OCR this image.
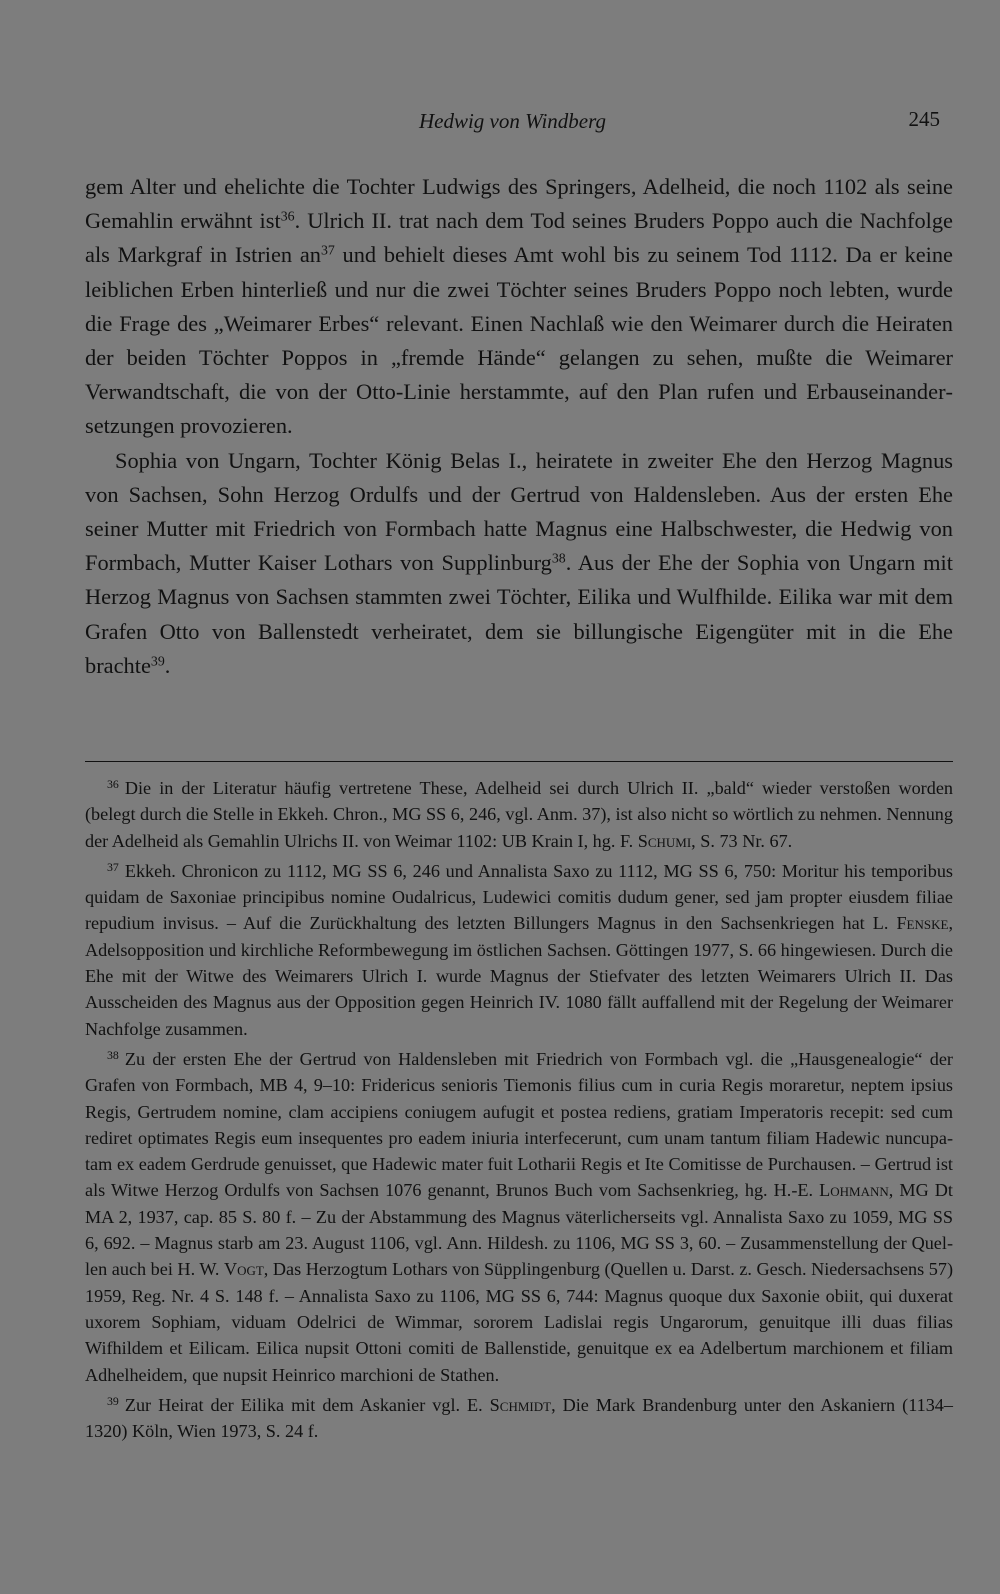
Hedwig von Windberg	245

gem Alter und ehelichte die Tochter Ludwigs des Springers, Adelheid, die noch 1102 als seine Gemahlin erwähnt ist$^{36}$. Ulrich II. trat nach dem Tod seines Bruders Poppo auch die Nachfolge als Markgraf in Istrien $an^{37}$ und behielt dieses Amt wohl bis zu seinem Tod 1112. Da er keine leiblichen Erben hinterließ und nur die zwei Töchter seines Bruders Poppo noch lebten, wurde die Frage des „Weimarer Erbes“ relevant. Einen Nachlaß wie den Weimarer durch die Heiraten der beiden Töchter Poppos in „fremde Hände“ gelangen zu sehen, mußte die Weimarer Verwandtschaft, die von der Otto-Linie herstammte, auf den Plan rufen und Erbauseinandersetzungen provozieren.

Sophia von Ungarn, Tochter König Belas I., heiratete in zweiter Ehe den Herzog Magnus von Sachsen, Sohn Herzog Ordulfs und der Gertrud von Haldensleben. Aus der ersten Ehe seiner Mutter mit Friedrich von Formbach hatte Magnus eine Halbschwester, die Hedwig von Formbach, Mutter Kaiser Lothars von Supplinburg$^{38}$. Aus der Ehe der Sophia von Ungarn mit Herzog Magnus von Sachsen stammten zwei Töchter, Eilika und Wulfhilde. Eilika war mit dem Grafen Otto von Ballenstedt verheiratet, dem sie billungische Eigengüter mit in die Ehe brachte$^{39}$.

$^{36}$ Die in der Literatur häufig vertretene These, Adelheid sei durch Ulrich II. „bald“ wieder verstoßen worden (belegt durch die Stelle in Ekkeh. Chron., MG SS 6, 246, vgl. Anm. 37), ist also nicht so wörtlich zu nehmen. Nennung der Adelheid als Gemahlin Ulrichs II. von Weimar 1102: UB Krain I, hg. F. Schumi, S. 73 Nr. 67.

$^{37}$ Ekkeh. Chronicon zu 1112, MG SS 6, 246 und Annalista Saxo zu 1112, MG SS 6, 750: Moritur his temporibus quidam de Saxoniae principibus nomine Oudalricus, Ludewici comitis dudum gener, sed jam propter eiusdem filiae repudium invisus. – Auf die Zurückhaltung des letzten Billungers Magnus in den Sachsenkriegen hat L. Fenske, Adelsopposition und kirchliche Reformbewegung im östlichen Sachsen. Göttingen 1977, S. 66 hingewiesen. Durch die Ehe mit der Witwe des Weimarers Ulrich I. wurde Magnus der Stiefvater des letzten Weimarers Ulrich II. Das Ausscheiden des Magnus aus der Opposition gegen Heinrich IV. 1080 fällt auffallend mit der Regelung der Weimarer Nachfolge zusammen.

$^{38}$ Zu der ersten Ehe der Gertrud von Haldensleben mit Friedrich von Formbach vgl. die „Hausgenealogie“ der Grafen von Formbach, MB 4, 9–10: Fridericus senioris Tiemonis filius cum in curia Regis moraretur, neptem ipsius Regis, Gertrudem nomine, clam accipiens coniugem aufugit et postea rediens, gratiam Imperatoris recepit: sed cum rediret optimates Regis eum insequentes pro eadem iniuria interfecerunt, cum unam tantum filiam Hadewic nuncupatam ex eadem Gerdrude genuisset, que Hadewic mater fuit Lotharii Regis et Ite Comitisse de Purchausen. – Gertrud ist als Witwe Herzog Ordulfs von Sachsen 1076 genannt, Brunos Buch vom Sachsenkrieg, hg. H.-E. Lohmann, MG Dt MA 2, 1937, cap. 85 S. 80 f. – Zu der Abstammung des Magnus väterlicherseits vgl. Annalista Saxo zu 1059, MG SS 6, 692. – Magnus starb am 23. August 1106, vgl. Ann. Hildesh. zu 1106, MG SS 3, 60. – Zusammenstellung der Quellen auch bei H. W. Vogt, Das Herzogtum Lothars von Süpplingenburg (Quellen u. Darst. z. Gesch. Niedersachsens 57) 1959, Reg. Nr. 4 S. 148 f. – Annalista Saxo zu 1106, MG SS 6, 744: Magnus quoque dux Saxonie obiit, qui duxerat uxorem Sophiam, viduam Odelrici de Wimmar, sororem Ladislai regis Ungarorum, genuitque illi duas filias Wifhildem et Eilicam. Eilica nupsit Ottoni comiti de Ballenstide, genuitque ex ea Adelbertum marchionem et filiam Adhelheidem, que nupsit Heinrico marchioni de Stathen.

$^{39}$ Zur Heirat der Eilika mit dem Askanier vgl. E. Schmidt, Die Mark Brandenburg unter den Askaniern (1134–1320) Köln, Wien 1973, S. 24 f.
